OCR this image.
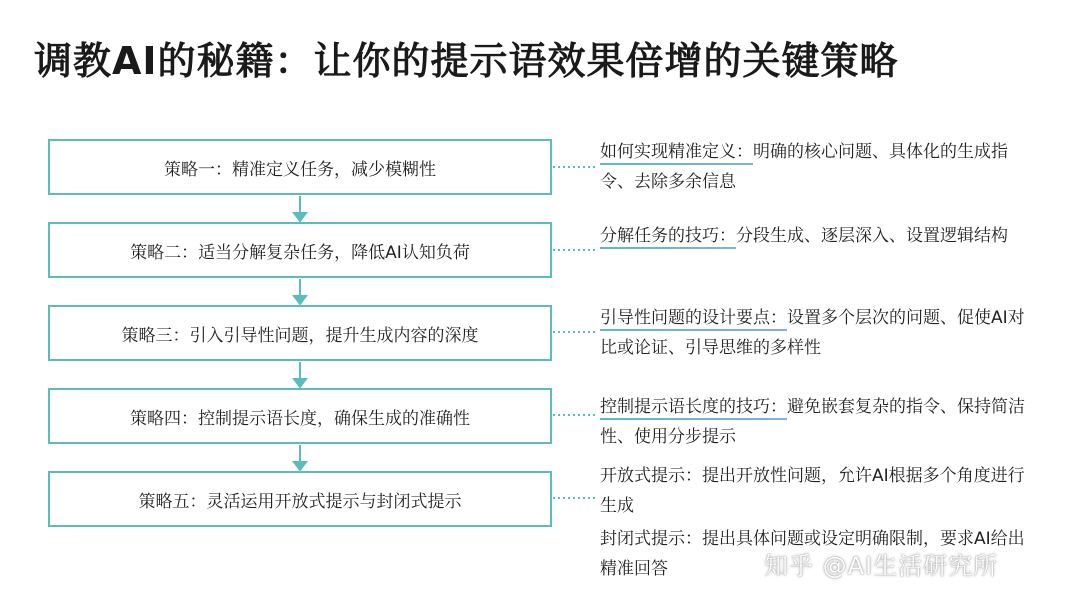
调教AI的秘籍：让你的提示语效果倍增的关键策略
策略一：精准定义任务，减少模糊性
策略二：适当分解复杂任务，降低AI认知负荷
策略三：引入引导性问题，提升生成内容的深度
策略四：控制提示语长度，确保生成的准确性
策略五：灵活运用开放式提示与封闭式提示
如何实现精准定义：明确的核心问题、具体化的生成指令、去除多余信息
分解任务的技巧：分段生成、逐层深入、设置逻辑结构
引导性问题的设计要点：设置多个层次的问题、促使AI对比或论证、引导思维的多样性
控制提示语长度的技巧：避免嵌套复杂的指令、保持简洁性、使用分步提示
开放式提示：提出开放性问题，允许AI根据多个角度进行生成
封闭式提示：提出具体问题或设定明确限制，要求AI给出精准回答	知乎 @AI生活研究所
